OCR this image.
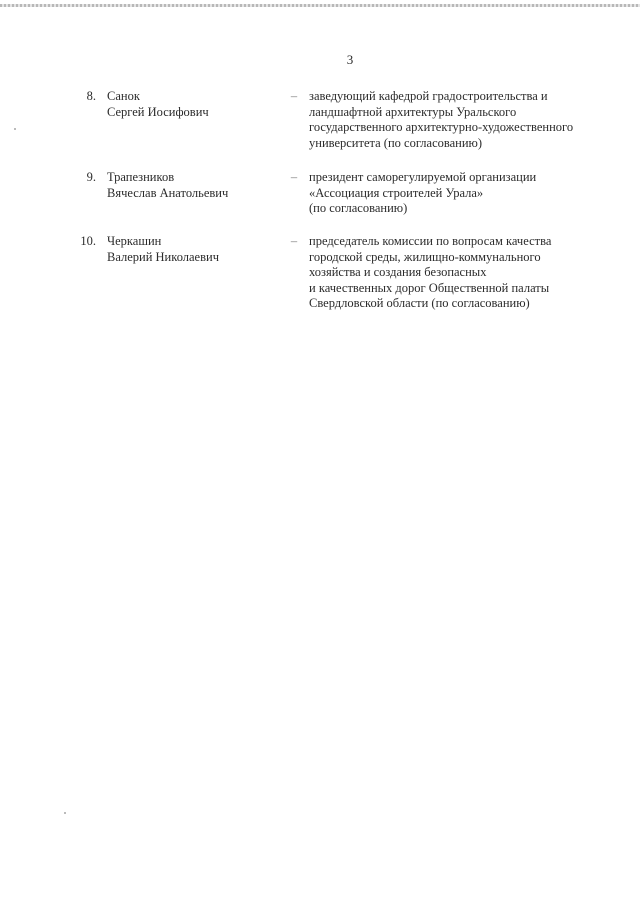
3
8. Санок
Сергей Иосифович
– заведующий кафедрой градостроительства и
ландшафтной архитектуры Уральского
государственного архитектурно-художественного
университета (по согласованию)
9. Трапезников
Вячеслав Анатольевич
– президент саморегулируемой организации
«Ассоциация строителей Урала»
(по согласованию)
10. Черкашин
Валерий Николаевич
– председатель комиссии по вопросам качества
городской среды, жилищно-коммунального
хозяйства и создания безопасных
и качественных дорог Общественной палаты
Свердловской области (по согласованию)
